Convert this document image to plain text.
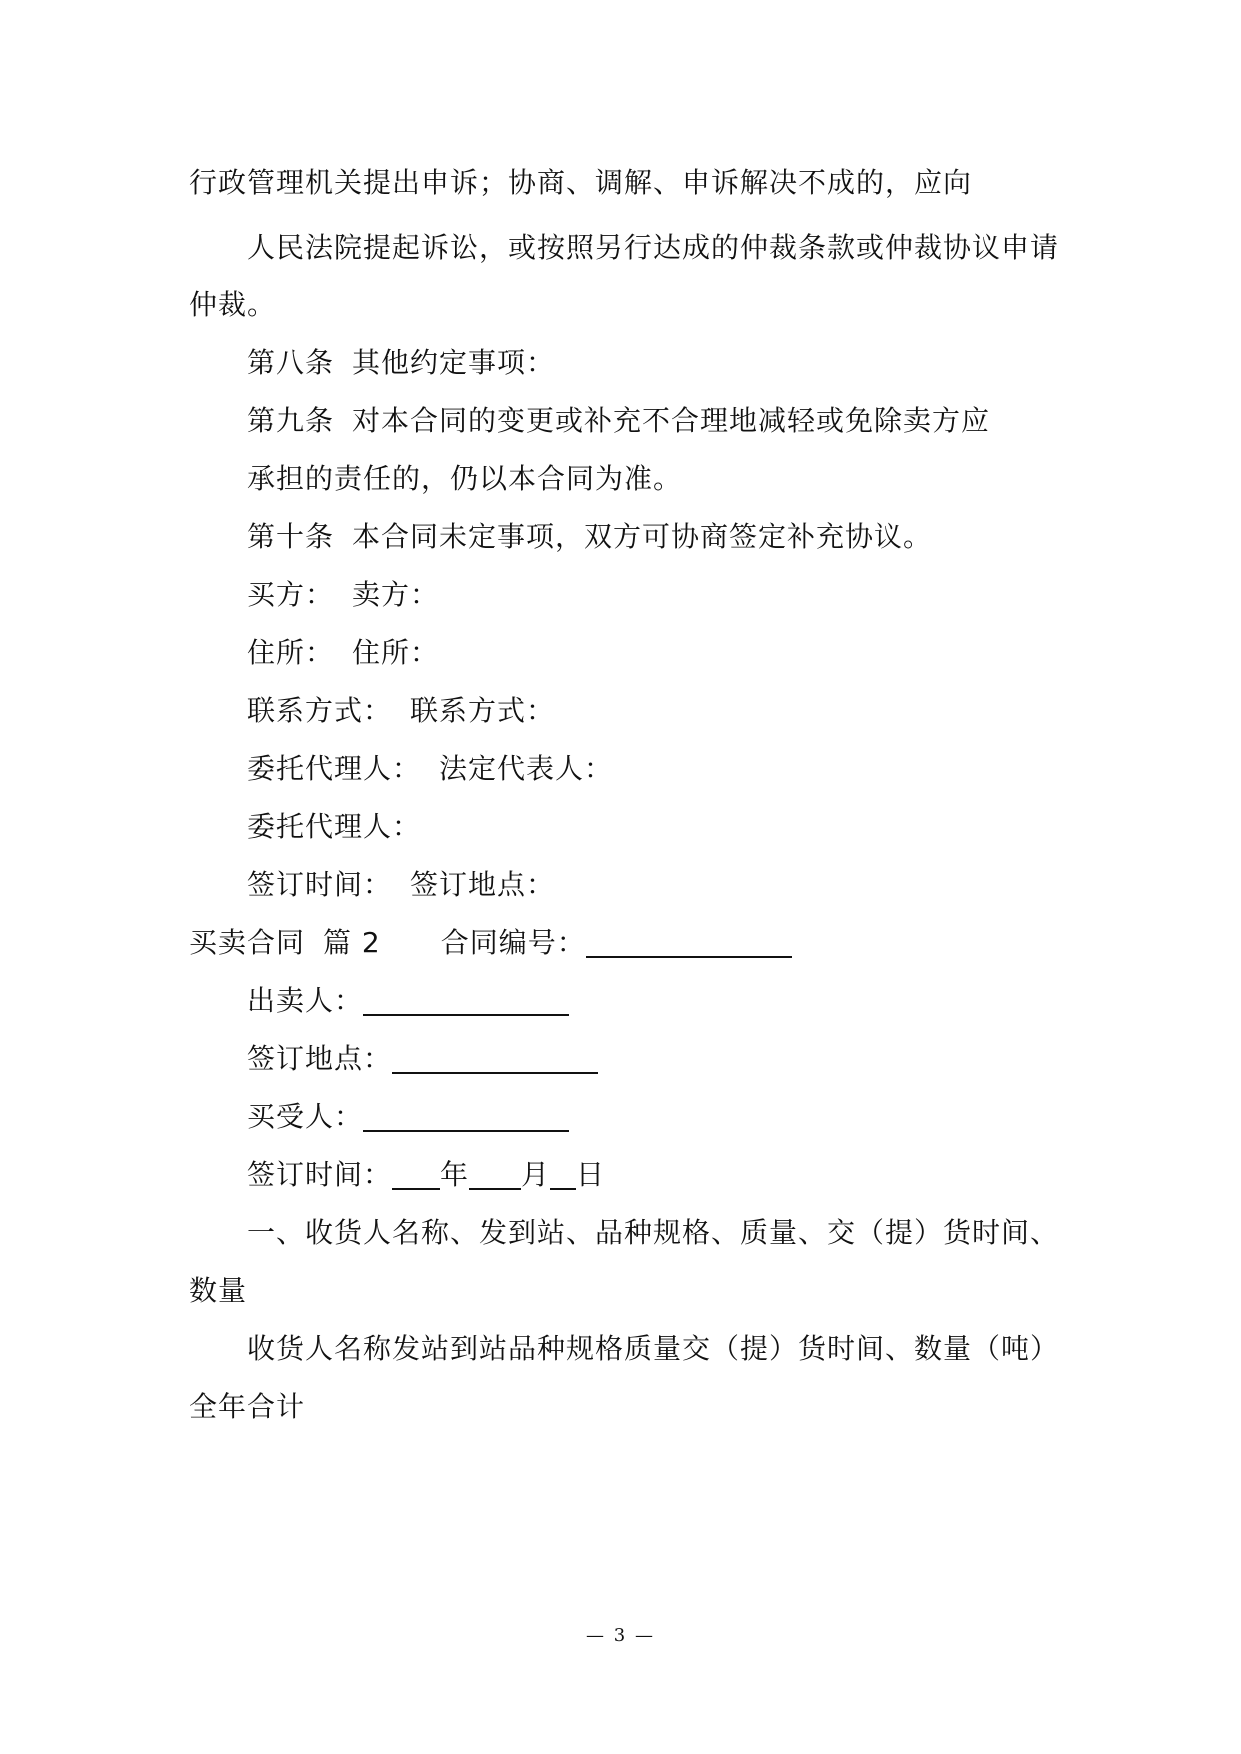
行政管理机关提出申诉；协商、调解、申诉解决不成的，应向
人民法院提起诉讼，或按照另行达成的仲裁条款或仲裁协议申请
仲裁。
第八条 其他约定事项：
第九条 对本合同的变更或补充不合理地减轻或免除卖方应
承担的责任的，仍以本合同为准。
第十条 本合同未定事项，双方可协商签定补充协议。
买方： 卖方：
住所： 住所：
联系方式： 联系方式：
委托代理人： 法定代表人：
委托代理人：
签订时间： 签订地点：
买卖合同 篇 2 合同编号：
出卖人：
签订地点：
买受人：
签订时间： 年 月 日
一、收货人名称、发到站、品种规格、质量、交（提）货时间、
数量
收货人名称发站到站品种规格质量交（提）货时间、数量（吨）
全年合计
— 3 —
